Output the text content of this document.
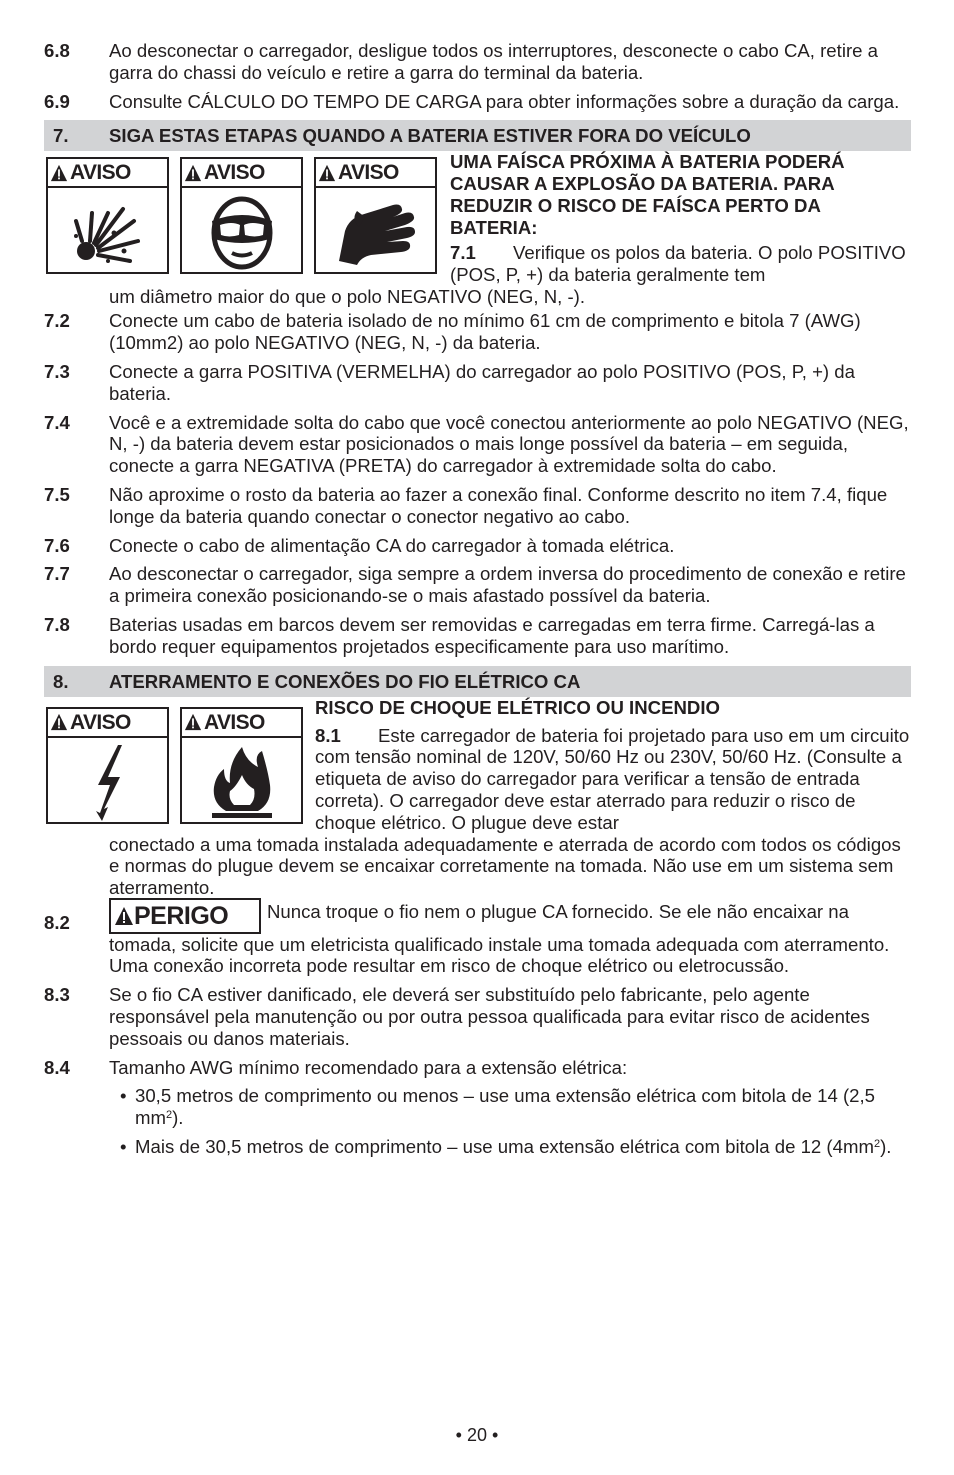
6.8 Ao desconectar o carregador, desligue todos os interruptores, desconecte o cabo CA, retire a garra do chassi do veículo e retire a garra do terminal da bateria.
6.9 Consulte CÁLCULO DO TEMPO DE CARGA para obter informações sobre a duração da carga.
7. SIGA ESTAS ETAPAS QUANDO A BATERIA ESTIVER FORA DO VEÍCULO
AVISO	AVISO	AVISO	UMA FAÍSCA PRÓXIMA À BATERIA PODERÁ CAUSAR A EXPLOSÃO DA BATERIA. PARA REDUZIR O RISCO DE FAÍSCA PERTO DA BATERIA:
7.1 Verifique os polos da bateria. O polo POSITIVO (POS, P, +) da bateria geralmente tem
um diâmetro maior do que o polo NEGATIVO (NEG, N, -).
7.2 Conecte um cabo de bateria isolado de no mínimo 61 cm de comprimento e bitola 7 (AWG)(10mm2) ao polo NEGATIVO (NEG, N, -) da bateria.
7.3 Conecte a garra POSITIVA (VERMELHA) do carregador ao polo POSITIVO (POS, P, +) da bateria.
7.4 Você e a extremidade solta do cabo que você conectou anteriormente ao polo NEGATIVO (NEG, N, -) da bateria devem estar posicionados o mais longe possível da bateria – em seguida, conecte a garra NEGATIVA (PRETA) do carregador à extremidade solta do cabo.
7.5 Não aproxime o rosto da bateria ao fazer a conexão final. Conforme descrito no item 7.4, fique longe da bateria quando conectar o conector negativo ao cabo.
7.6 Conecte o cabo de alimentação CA do carregador à tomada elétrica.
7.7 Ao desconectar o carregador, siga sempre a ordem inversa do procedimento de conexão e retire a primeira conexão posicionando-se o mais afastado possível da bateria.
7.8 Baterias usadas em barcos devem ser removidas e carregadas em terra firme. Carregá-las a bordo requer equipamentos projetados especificamente para uso marítimo.
8. ATERRAMENTO E CONEXÕES DO FIO ELÉTRICO CA
AVISO	AVISO
RISCO DE CHOQUE ELÉTRICO OU INCENDIO
8.1 Este carregador de bateria foi projetado para uso em um circuito com tensão nominal de 120V, 50/60 Hz ou 230V, 50/60 Hz. (Consulte a etiqueta de aviso do carregador para verificar a tensão de entrada correta). O carregador deve estar aterrado para reduzir o risco de choque elétrico. O plugue deve estar
conectado a uma tomada instalada adequadamente e aterrada de acordo com todos os códigos e normas do plugue devem se encaixar corretamente na tomada. Não use em um sistema sem aterramento.
8.2	PERIGO Nunca troque o fio nem o plugue CA fornecido. Se ele não encaixar na tomada, solicite que um eletricista qualificado instale uma tomada adequada com aterramento. Uma conexão incorreta pode resultar em risco de choque elétrico ou eletrocussão.
8.3 Se o fio CA estiver danificado, ele deverá ser substituído pelo fabricante, pelo agente responsável pela manutenção ou por outra pessoa qualificada para evitar risco de acidentes pessoais ou danos materiais.
8.4 Tamanho AWG mínimo recomendado para a extensão elétrica:
• 30,5 metros de comprimento ou menos – use uma extensão elétrica com bitola de 14 (2,5 $mm^2$).
• Mais de 30,5 metros de comprimento – use uma extensão elétrica com bitola de 12 $(4mm^2)$.
• 20 •
